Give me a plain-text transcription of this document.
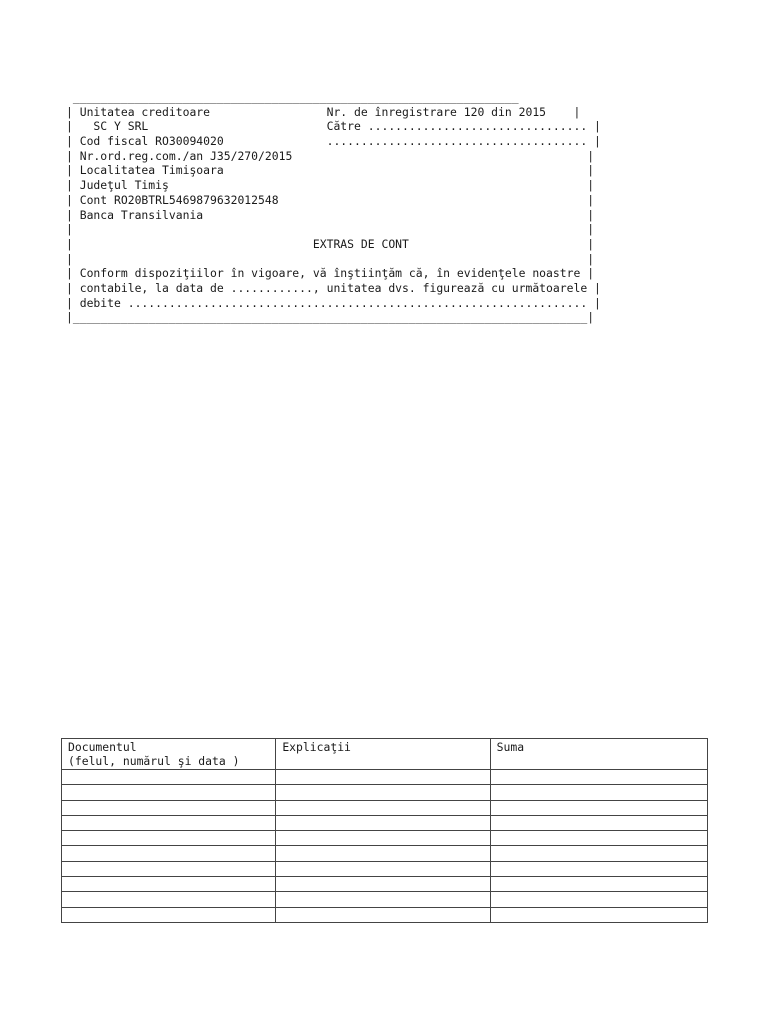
_________________________________________________________________
| Unitatea creditoare                 Nr. de înregistrare 120 din 2015    |
|   SC Y SRL                          Către ................................ |
| Cod fiscal RO30094020               ...................................... |
| Nr.ord.reg.com./an J35/270/2015                                           |
| Localitatea Timişoara                                                     |
| Judeţul Timiş                                                             |
| Cont RO20BTRL5469879632012548                                             |
| Banca Transilvania                                                        |
|                                                                           |
|                                   EXTRAS DE CONT                          |
|                                                                           |
| Conform dispoziţiilor în vigoare, vă înştiinţăm că, în evidenţele noastre |
| contabile, la data de ............, unitatea dvs. figurează cu următoarele |
| debite ................................................................... |
|___________________________________________________________________________|
Documentul
(felul, numărul şi data )	Explicaţii	Suma
